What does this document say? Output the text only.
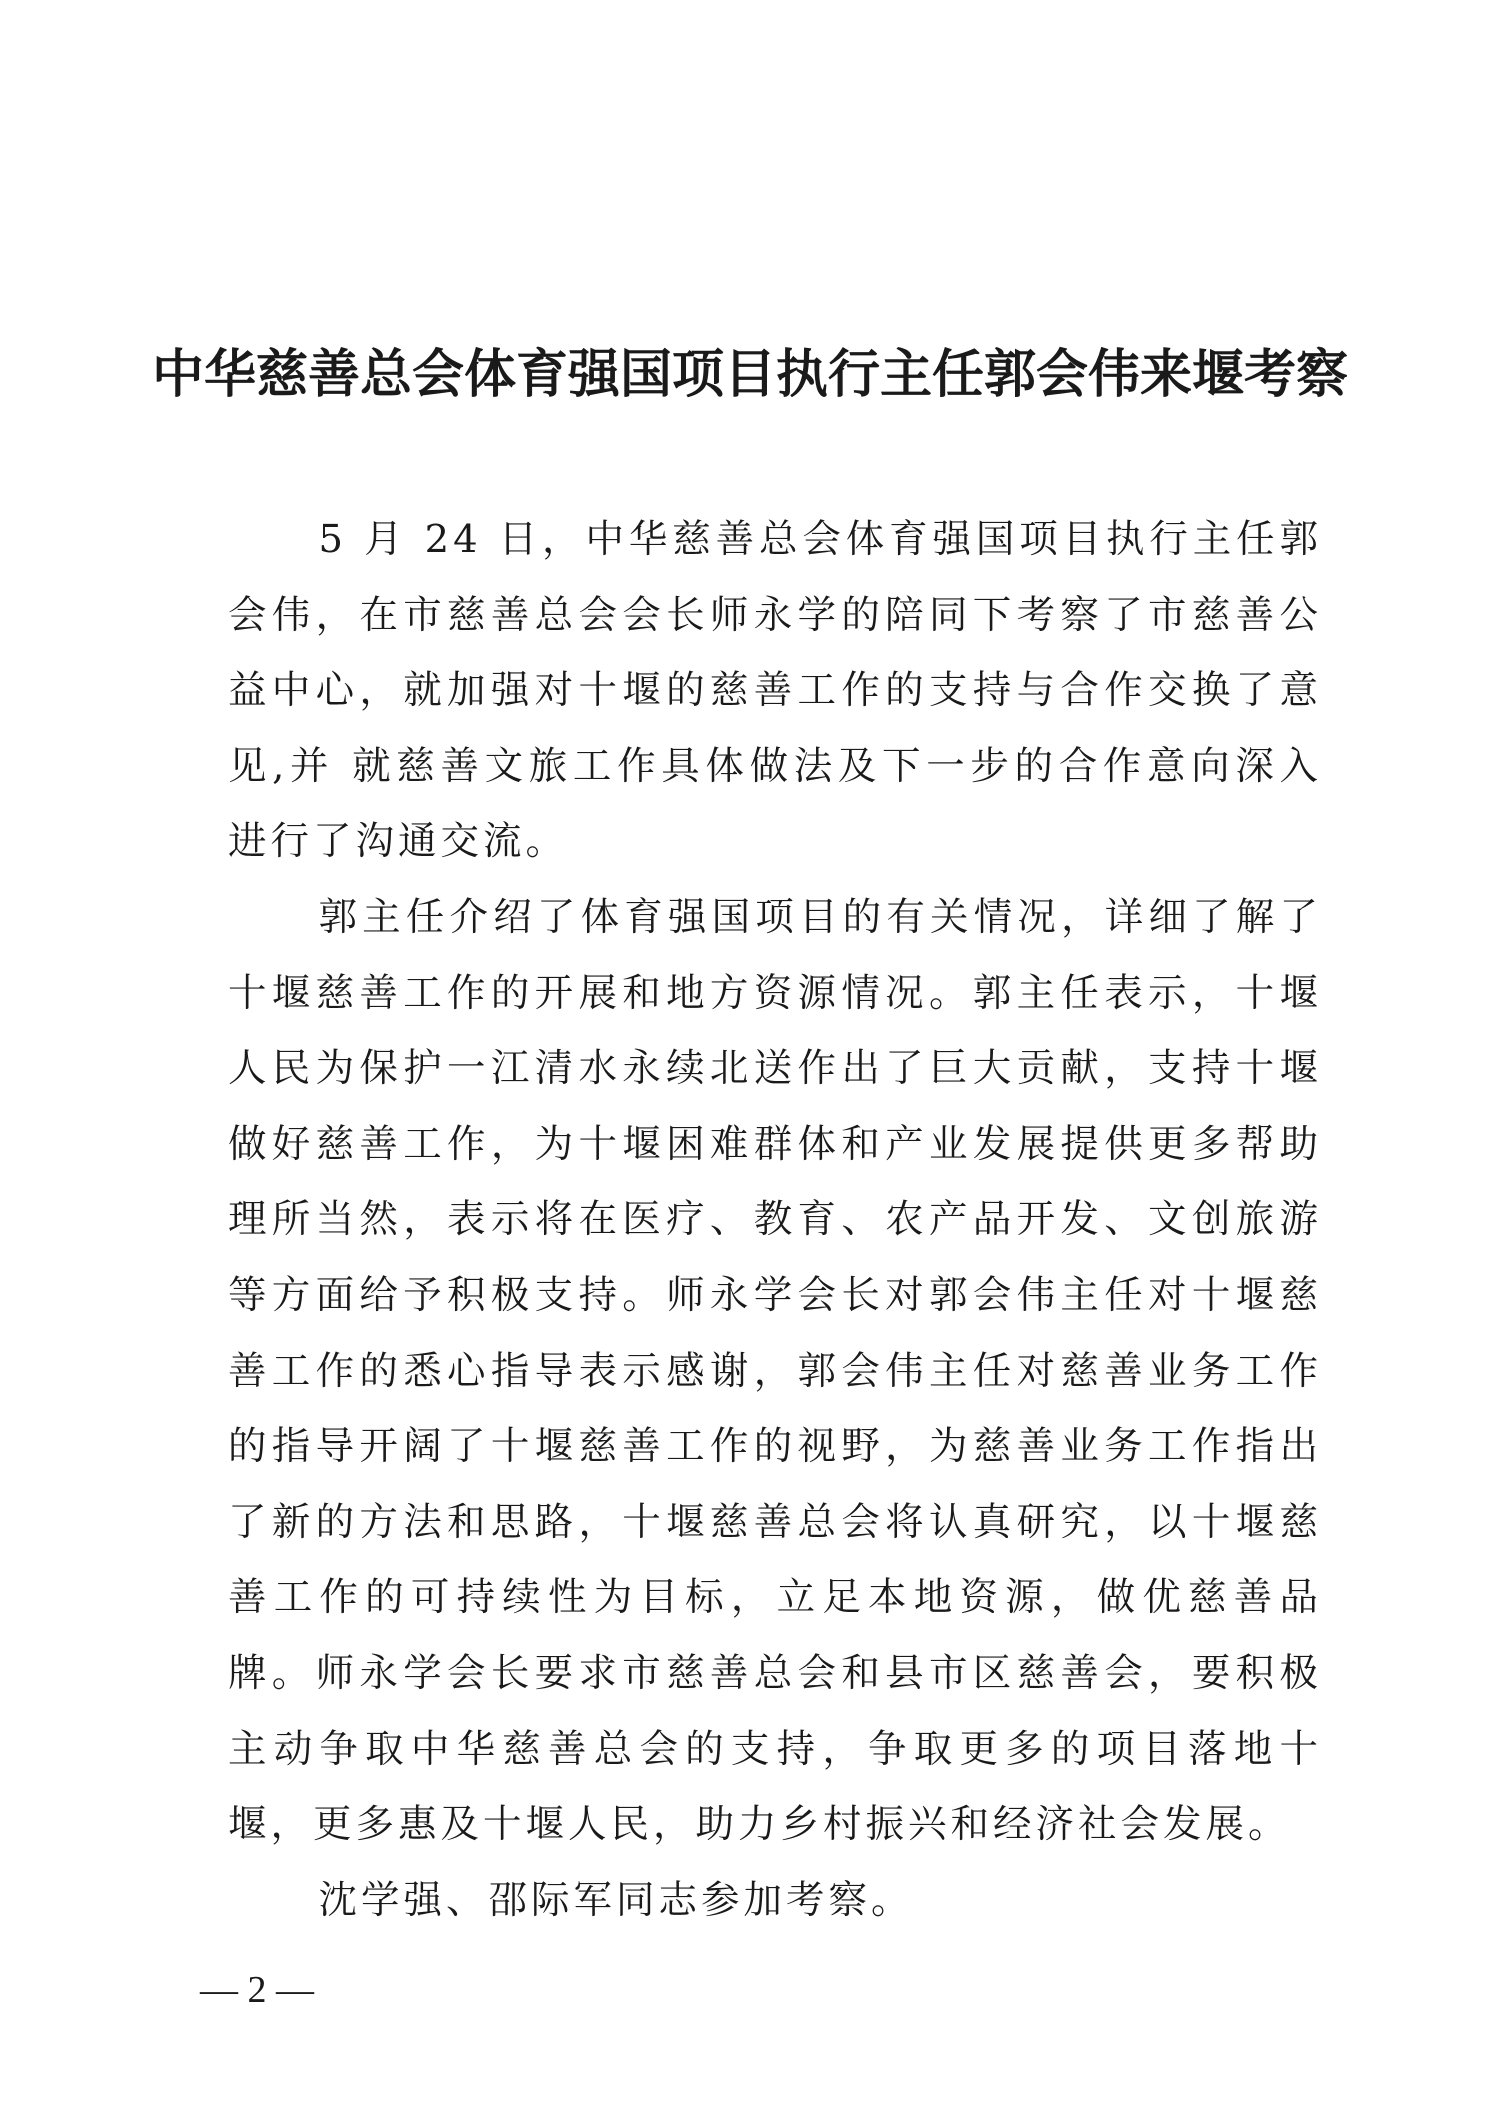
中华慈善总会体育强国项目执行主任郭会伟来堰考察

5 月 24 日，中华慈善总会体育强国项目执行主任郭会伟，在市慈善总会会长师永学的陪同下考察了市慈善公益中心，就加强对十堰的慈善工作的支持与合作交换了意见,并 就慈善文旅工作具体做法及下一步的合作意向深入进行了沟通交流。

郭主任介绍了体育强国项目的有关情况，详细了解了十堰慈善工作的开展和地方资源情况。郭主任表示，十堰人民为保护一江清水永续北送作出了巨大贡献，支持十堰做好慈善工作，为十堰困难群体和产业发展提供更多帮助理所当然，表示将在医疗、教育、农产品开发、文创旅游等方面给予积极支持。师永学会长对郭会伟主任对十堰慈善工作的悉心指导表示感谢，郭会伟主任对慈善业务工作的指导开阔了十堰慈善工作的视野，为慈善业务工作指出了新的方法和思路，十堰慈善总会将认真研究，以十堰慈善工作的可持续性为目标，立足本地资源，做优慈善品牌。师永学会长要求市慈善总会和县市区慈善会，要积极主动争取中华慈善总会的支持，争取更多的项目落地十堰，更多惠及十堰人民，助力乡村振兴和经济社会发展。

沈学强、邵际军同志参加考察。

— 2 —
